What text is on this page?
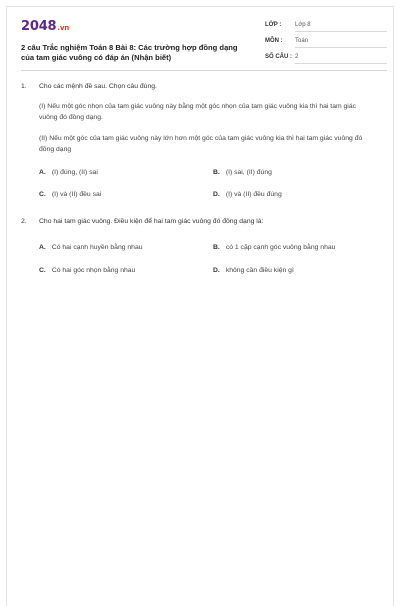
2048.vn
2 câu Trắc nghiệm Toán 8 Bài 8: Các trường hợp đồng dạng của tam giác vuông có đáp án (Nhận biết)
LỚP : Lớp 8
MÔN : Toán
SỐ CÂU : 2
1. Cho các mệnh đề sau. Chọn câu đúng.
(I) Nếu một góc nhọn của tam giác vuông này bằng một góc nhọn của tam giác vuông kia thì hai tam giác vuông đó đồng dạng.
(II) Nếu một góc của tam giác vuông này lớn hơn một góc của tam giác vuông kia thì hai tam giác vuông đó đồng dạng
A. (I) đúng, (II) sai	B. (I) sai, (II) đúng
C. (I) và (II) đều sai	D. (I) và (II) đều đúng
2. Cho hai tam giác vuông. Điều kiện để hai tam giác vuông đó đồng dạng là:
A. Có hai cạnh huyền bằng nhau	B. có 1 cặp cạnh góc vuông bằng nhau
C. Có hai góc nhọn bằng nhau	D. không cần điều kiện gì
